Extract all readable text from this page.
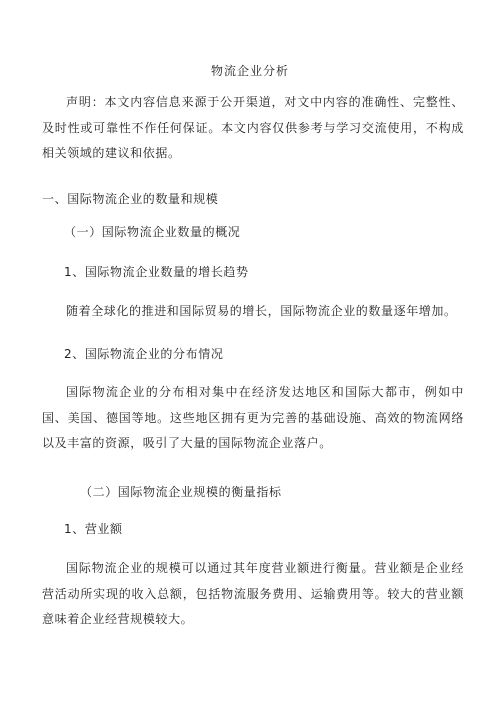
物流企业分析
声明：本文内容信息来源于公开渠道，对文中内容的准确性、完整性、及时性或可靠性不作任何保证。本文内容仅供参考与学习交流使用，不构成相关领域的建议和依据。
一、国际物流企业的数量和规模
（一）国际物流企业数量的概况
1、国际物流企业数量的增长趋势
随着全球化的推进和国际贸易的增长，国际物流企业的数量逐年增加。
2、国际物流企业的分布情况
国际物流企业的分布相对集中在经济发达地区和国际大都市，例如中国、美国、德国等地。这些地区拥有更为完善的基础设施、高效的物流网络以及丰富的资源，吸引了大量的国际物流企业落户。
（二）国际物流企业规模的衡量指标
1、营业额
国际物流企业的规模可以通过其年度营业额进行衡量。营业额是企业经营活动所实现的收入总额，包括物流服务费用、运输费用等。较大的营业额意味着企业经营规模较大。
